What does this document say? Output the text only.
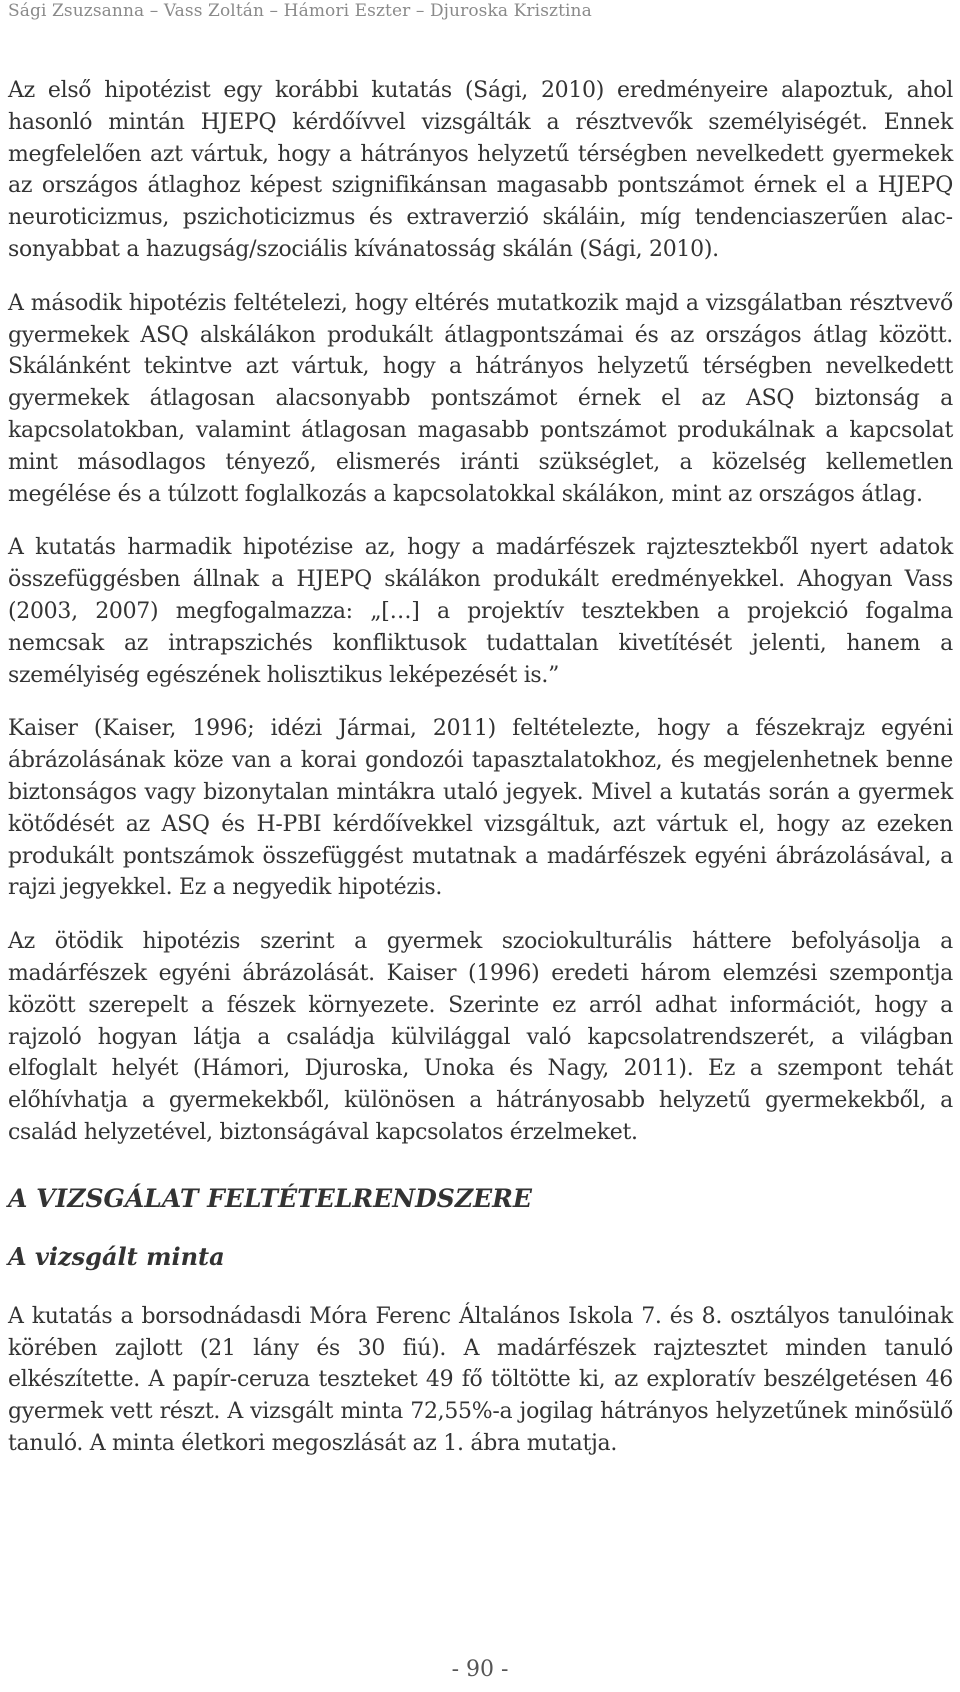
Sági Zsuzsanna – Vass Zoltán – Hámori Eszter – Djuroska Krisztina

Az első hipotézist egy korábbi kutatás (Sági, 2010) eredményeire alapoztuk, ahol hasonló mintán HJEPQ kérdőívvel vizsgálták a résztvevők személyiségét. Ennek megfelelően azt vártuk, hogy a hátrányos helyzetű térségben nevelkedett gyermekek az országos átlaghoz képest szignifikánsan magasabb pontszámot érnek el a HJEPQ neuroticizmus, pszichoticizmus és extraverzió skáláin, míg tendenciaszerűen alacsonyabbat a hazugság/szociális kívánatosság skálán (Sági, 2010).

A második hipotézis feltételezi, hogy eltérés mutatkozik majd a vizsgálatban résztvevő gyermekek ASQ alskálákon produkált átlagpontszámai és az országos átlag között. Skálánként tekintve azt vártuk, hogy a hátrányos helyzetű térségben nevelkedett gyermekek átlagosan alacsonyabb pontszámot érnek el az ASQ biztonság a kapcsolatokban, valamint átlagosan magasabb pontszámot produkálnak a kapcsolat mint másodlagos tényező, elismerés iránti szükséglet, a közelség kellemetlen megélése és a túlzott foglalkozás a kapcsolatokkal skálákon, mint az országos átlag.

A kutatás harmadik hipotézise az, hogy a madárfészek rajztesztekből nyert adatok összefüggésben állnak a HJEPQ skálákon produkált eredményekkel. Ahogyan Vass (2003, 2007) megfogalmazza: „[…] a projektív tesztekben a projekció fogalma nemcsak az intrapszichés konfliktusok tudattalan kivetítését jelenti, hanem a személyiség egészének holisztikus leképezését is.”

Kaiser (Kaiser, 1996; idézi Jármai, 2011) feltételezte, hogy a fészekrajz egyéni ábrázolásának köze van a korai gondozói tapasztalatokhoz, és megjelenhetnek benne biztonságos vagy bizonytalan mintákra utaló jegyek. Mivel a kutatás során a gyermek kötődését az ASQ és H-PBI kérdőívekkel vizsgáltuk, azt vártuk el, hogy az ezeken produkált pontszámok összefüggést mutatnak a madárfészek egyéni ábrázolásával, a rajzi jegyekkel. Ez a negyedik hipotézis.

Az ötödik hipotézis szerint a gyermek szociokulturális háttere befolyásolja a madárfészek egyéni ábrázolását. Kaiser (1996) eredeti három elemzési szempontja között szerepelt a fészek környezete. Szerinte ez arról adhat információt, hogy a rajzoló hogyan látja a családja külvilággal való kapcsolatrendszerét, a világban elfoglalt helyét (Hámori, Djuroska, Unoka és Nagy, 2011). Ez a szempont tehát előhívhatja a gyermekekből, különösen a hátrányosabb helyzetű gyermekekből, a család helyzetével, biztonságával kapcsolatos érzelmeket.

A VIZSGÁLAT FELTÉTELRENDSZERE
A vizsgált minta

A kutatás a borsodnádasdi Móra Ferenc Általános Iskola 7. és 8. osztályos tanulóinak körében zajlott (21 lány és 30 fiú). A madárfészek rajztesztet minden tanuló elkészítette. A papír-ceruza teszteket 49 fő töltötte ki, az exploratív beszélgetésen 46 gyermek vett részt. A vizsgált minta 72,55%-a jogilag hátrányos helyzetűnek minősülő tanuló. A minta életkori megoszlását az 1. ábra mutatja.

- 90 -
